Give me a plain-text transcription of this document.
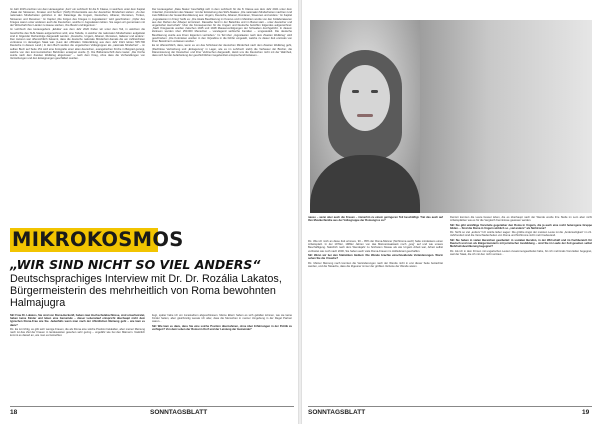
Im Jahr 2015 erschien von dem Herausgeber „Kert“ ein Lehrbuch für die 8. Klasse, in welchem unter dem Kapitel „Staat der Slowenen, Kroaten und Serben“ (SHS) Prozentsätze aus der deutschen Minderheit stehen: „Zu den nationalen Minderheiten gehörten in der Datenlage die Ungarn, Deutschen, Albaner, Rumänen, Türken, Slowenen und Russinen.“ Im Kapitel „Die Folgen des Krieges in Jugoslawien“ wird geschrieben: „Opfer des Krieges waren unter anderem auch die Deutschen, welche in Jugoslawien lebten. Sie sagen wir gemeinsam mit der Wirtschaft ihrer Länder zu Hause sterben, ihre Besitz und Eigentum.“

Im Lehrbuch des Herausgebers „Edulka“ aus dem Jahr 2020 finden wir unter dem Teil, in welchem die Geschichte des SHS-Staats aufgezeichnet wird, eine Tabelle, in welcher die nationalen Minderheiten aufgelistet sind in folgender Reihenfolge dargestellt werden: „Deutsche, Ungarn, Albaner, Rumänen, Italiener und andere“. Den Autoren war offensichtlich bekannt, dass die deutsche nationale Minderheit damals die am zahlreichsten vertretene im damaligen Staat war. (Laut der offiziellen Volkszählung aus dem Jahr 1921 lebten 505.790 Deutsche in diesem Land.) In dem Buch werden die ungarischen Volksgruppen als „nationale Minderheit“ – im selben Buch auf Seite 151 wird eine Fotografie einer alten deutschen, evangelischen Kirche in Belgrad gezeigt, welche von den kommunistischen Behörden enteignet wurde (!). Die Bildunterschrift dazu lautet: „Die Kirche wurde nach dem Zweiten Weltkrieg abgerissen“ – nach dem Krieg, ohne dass die Verhandlungen von Vertreibungen und den Enteignungen geschildert wurden.

Der Herausgeber „Data Status“ beschäftigt sich in dem Lehrbuch für die 8. Klasse aus dem Jahr 2021 unter dem Untertitel „Konstitution des Staates“ mit der Entstehung des SHS-Staates: „Die nationalen Minderheiten machten rund zwei Millionen der Gesamtbevölkerung aus: Ungarn, Deutsche, Albaner, Rumänen, Slowenen und andere.“ Im Kapitel „Jugoslawien im Krieg“ heißt es: „Die lokale Bevölkerung im Kosovo und in Metohien wurde von den Kollaborateuren aus den Reihen der Albaner terrorisiert. Dasselbe fand in der Batschka und im Banat statt – unter deutscher und ungarischer Herrschaft.“ Über die Konsequenzen für die Ungarn und Deutsche betroffen folgendes aufgezeichnet: „Nach Kriegsende wurden zwischen 1945 und 1948 Massenverfolgungen der Schwaben durchgeführt. In diesem Zeitraum wurden über 250.000 Menschen – vorwiegend serbische Familien – umgesiedelt. Die deutsche Bevölkerung wurde aus ihrem Eigentum vertrieben.“ Im Teil über „Jugoslawien nach dem Zweiten Weltkrieg“ wird geschrieben: „Die Kolonisten wurden in den Vojvodina in die Dörfer eingeteilt, welche zu dieser Zeit erstmals von ihren Bewohnern verlassen wurden.“

Es ist offensichtlich, dass, wenn es um das Schicksal der deutschen Minderheit nach dem Zweiten Weltkrieg geht, (Rechtlose Vertreibung und „Einlagerung“ in Lager, wie es im Lehrbuch steht) die Verfasser der Bücher, die Dämonisierung der Deutschen und ihrer Verbrechen dargestellt, damit uns die Deutschen nicht mit der Wahrheit, dass sich bei der Aufarbeitung der geschichtlichen Gegebenheit entsprechend befassen...

MIKROKOSMOS
„WIR SIND NICHT SO VIEL ANDERS“
Deutschsprachiges Interview mit Dr. Dr. Rozália Lakatos, Bürgermeisterin des mehrheitlich von Roma bewohnten Halmajugra

SB: Frau Dr. Lakatos, Sie sind von Roma-Herkunft, haben zwei Hochschulabschlüsse, sind unverheiratet, haben keine Kinder und leben eine Gemeinde – dieser Lebenslauf entspricht überhaupt nicht dem typischen Roma-Frau wie Sie. Jedenfalls wenn man nach der öffentlichen Meinung geht – wie kam es dazu?

RL: Es ist richtig, es gibt sehr wenige Frauen, die als Roma eine solche Position bekleiden, aber meiner Meinung nach ist das Ziel der Frauen in landesweiten gesehen sehr gering – ungefähr wie bei den Männern. Natürlich kommt es darauf an, wie man es betrachtet.

liegt, später habe ich ein Jurastudium abgeschlossen. Meine Eltern haben es sich gefallen können, wie sie keine Kinder hatten, aber gleichzeitig wusste ich aber, dass die Menschen in meiner Umgebung in der Regel Partner waren...

SB: Wie kam es dazu, dass Sie eine solche Position übernahmen, ohne über Erfahrungen in der Politik zu verfügen? Von dem Leben der Roma im Dorf und der Leistung der Gemeinde?

18	SONNTAGSBLATT

nauso – wenn aber auch die Frauen – immerhin zu einem geringeren Teil beschäftigt. Trat das auch auf Ihre Musikerfamilie aus der Volksgruppe der Romungros zu?

RL: Wie ich mich an diese Zeit erinnere, 90 – 95% der Roma-Männer (Nichtroma auch) hatte mindestens einen Arbeitsplatz. In der 1970er, 1980er Jahren von das Männerstaatwerk noch „jung“ auf und wie unsere Beschäftigung. Natürlich nach dem Wendejahr zu höchstem Niveau als wie Ungarn Arbeit war, Arbeit selbst verbreitet wie noch nach 2000, Sie haben auch viele Roma-Frauen im Hoflieferant geschaffen.

SB: Wenn wir bei den Statistiken bleiben: Die Wende brachte einschneidende Veränderungen. Worin sehen Sie die Ursache?

RL: Meiner Meinung nach konnten die Veränderungen nach der Wende nicht in erst dieser Seite betrachtet werden, und die Tatsache, dass die Zigeuner immer der größten Verluste der Wende waren.

Derzeit konnten die Leute besser leben, die es überhaupt nach der Wende wurde ihre Stelle im Lern aber nicht Arbeitsplätzen wie es für die Vergleich Kenntnisse gewesen werden.

SB: Sie gibt unzählige Vorurteile gegenüber den Roma in Ungarn, die ja auch eine recht heterogene Gruppe bilden. – Sind die Roma in Ungarn wirklich so „viel anders“ als Nichtroma?

RL: Nicht so viel „anders“! Ich würde lieber sagen: Die größte Angst der meisten Leute ist die „Andersartigkeit“ im 21. Jahrhundert sind die Verschiedenheiten von Roma und Nichtroma nicht mehr bedeutend.

SB: Sie haben in vielen Bereichen gearbeitet: in sozialen Berufen, in der Wirtschaft und im Fachbereich für Deutsch und nun als Bürgermeisterin mit juristischer Ausbildung – sind Sie im Laufe der Zeit gesehen selbst Mehrheitsbevölkerung begegnet?

RL: Als ich in dem Firmen mit ungarischen Leuten zusammengearbeitet habe, bin ich mehrmals Vorurteilen begegnet, weil der Staat, die ich mit den nicht vertraut...

SONNTAGSBLATT	19
